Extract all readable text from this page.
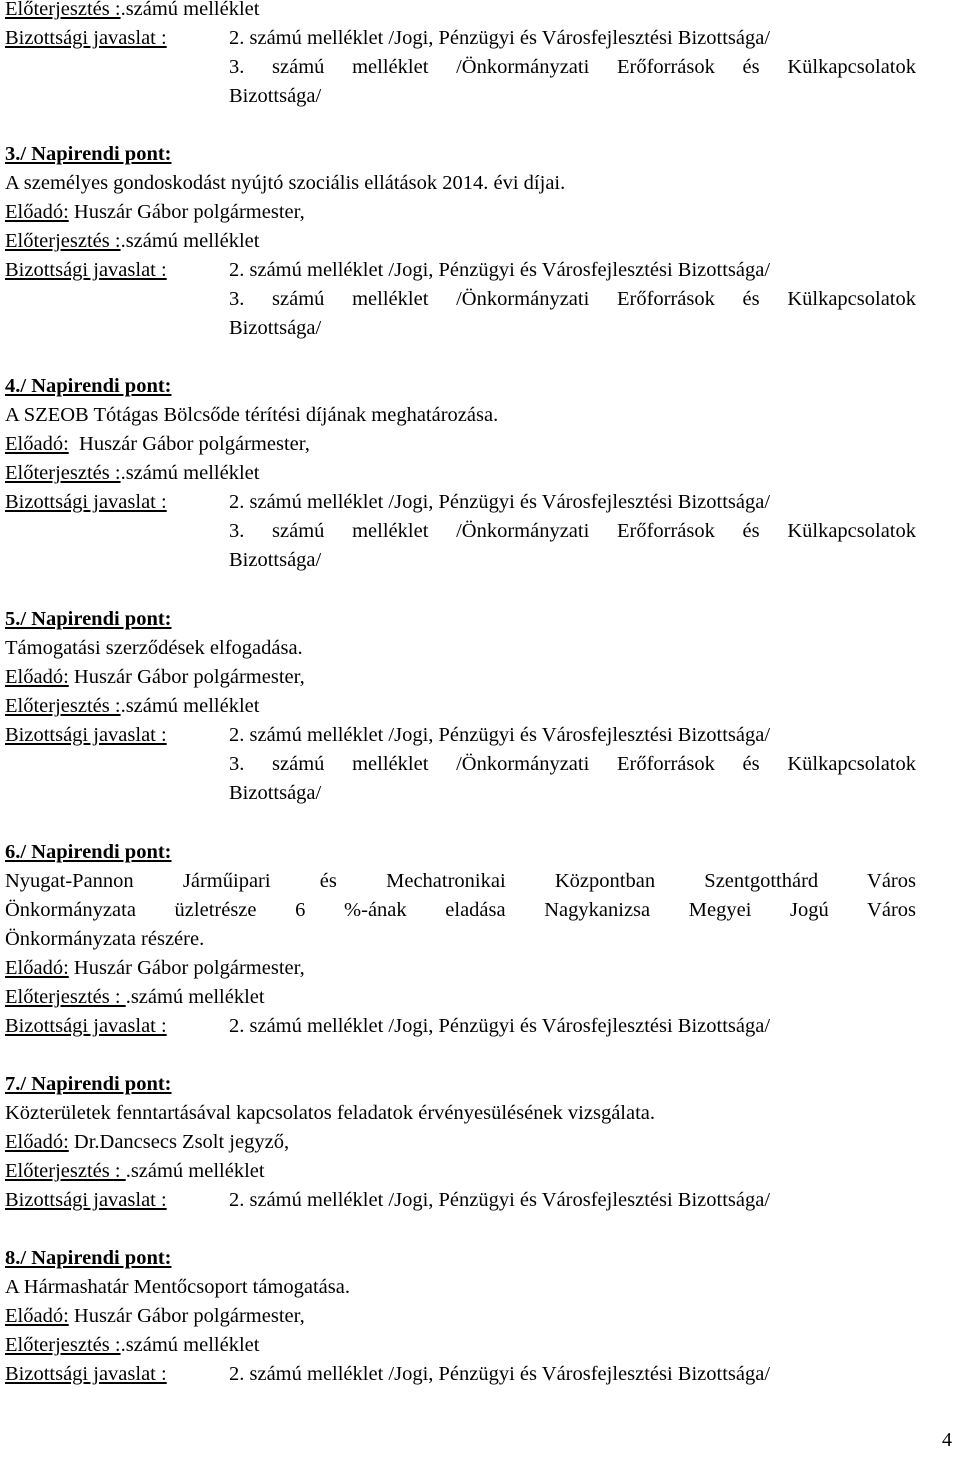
Előterjesztés :.számú melléklet
Bizottsági javaslat :	2. számú melléklet /Jogi, Pénzügyi és Városfejlesztési Bizottsága/
3. számú melléklet /Önkormányzati Erőforrások és Külkapcsolatok
Bizottsága/
3./ Napirendi pont:
A személyes gondoskodást nyújtó szociális ellátások 2014. évi díjai.
Előadó: Huszár Gábor polgármester,
Előterjesztés :.számú melléklet
Bizottsági javaslat :	2. számú melléklet /Jogi, Pénzügyi és Városfejlesztési Bizottsága/
3. számú melléklet /Önkormányzati Erőforrások és Külkapcsolatok
Bizottsága/
4./ Napirendi pont:
A SZEOB Tótágas Bölcsőde térítési díjának meghatározása.
Előadó:  Huszár Gábor polgármester,
Előterjesztés :.számú melléklet
Bizottsági javaslat :	2. számú melléklet /Jogi, Pénzügyi és Városfejlesztési Bizottsága/
3. számú melléklet /Önkormányzati Erőforrások és Külkapcsolatok
Bizottsága/
5./ Napirendi pont:
Támogatási szerződések elfogadása.
Előadó: Huszár Gábor polgármester,
Előterjesztés :.számú melléklet
Bizottsági javaslat :	2. számú melléklet /Jogi, Pénzügyi és Városfejlesztési Bizottsága/
3. számú melléklet /Önkormányzati Erőforrások és Külkapcsolatok
Bizottsága/
6./ Napirendi pont:
Nyugat-Pannon Járműipari és Mechatronikai Központban Szentgotthárd Város
Önkormányzata üzletrésze 6 %-ának eladása Nagykanizsa Megyei Jogú Város
Önkormányzata részére.
Előadó: Huszár Gábor polgármester,
Előterjesztés : .számú melléklet
Bizottsági javaslat :	2. számú melléklet /Jogi, Pénzügyi és Városfejlesztési Bizottsága/
7./ Napirendi pont:
Közterületek fenntartásával kapcsolatos feladatok érvényesülésének vizsgálata.
Előadó: Dr.Dancsecs Zsolt jegyző,
Előterjesztés : .számú melléklet
Bizottsági javaslat :	2. számú melléklet /Jogi, Pénzügyi és Városfejlesztési Bizottsága/
8./ Napirendi pont:
A Hármashatár Mentőcsoport támogatása.
Előadó: Huszár Gábor polgármester,
Előterjesztés :.számú melléklet
Bizottsági javaslat :	2. számú melléklet /Jogi, Pénzügyi és Városfejlesztési Bizottsága/
4
